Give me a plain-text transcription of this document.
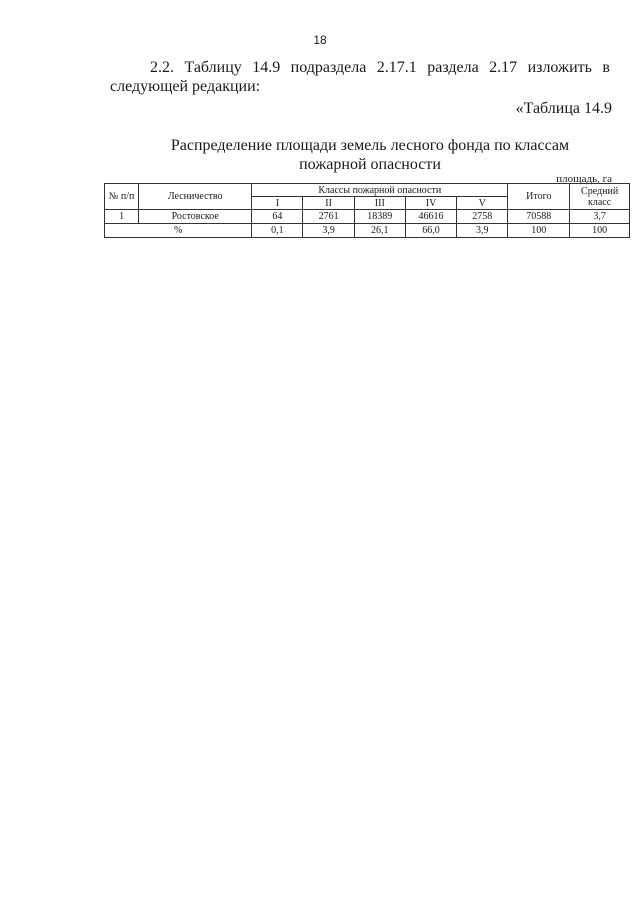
18
2.2. Таблицу 14.9 подраздела 2.17.1 раздела 2.17 изложить в
следующей редакции:
«Таблица 14.9
Распределение площади земель лесного фонда по классам пожарной опасности
площадь, га
№ п/п	Лесничество	Классы пожарной опасности					Итого	Средний класс
		I	II	III	IV	V		
1	Ростовское	64	2761	18389	46616	2758	70588	3,7
%		0,1	3,9	26,1	66,0	3,9	100	100
